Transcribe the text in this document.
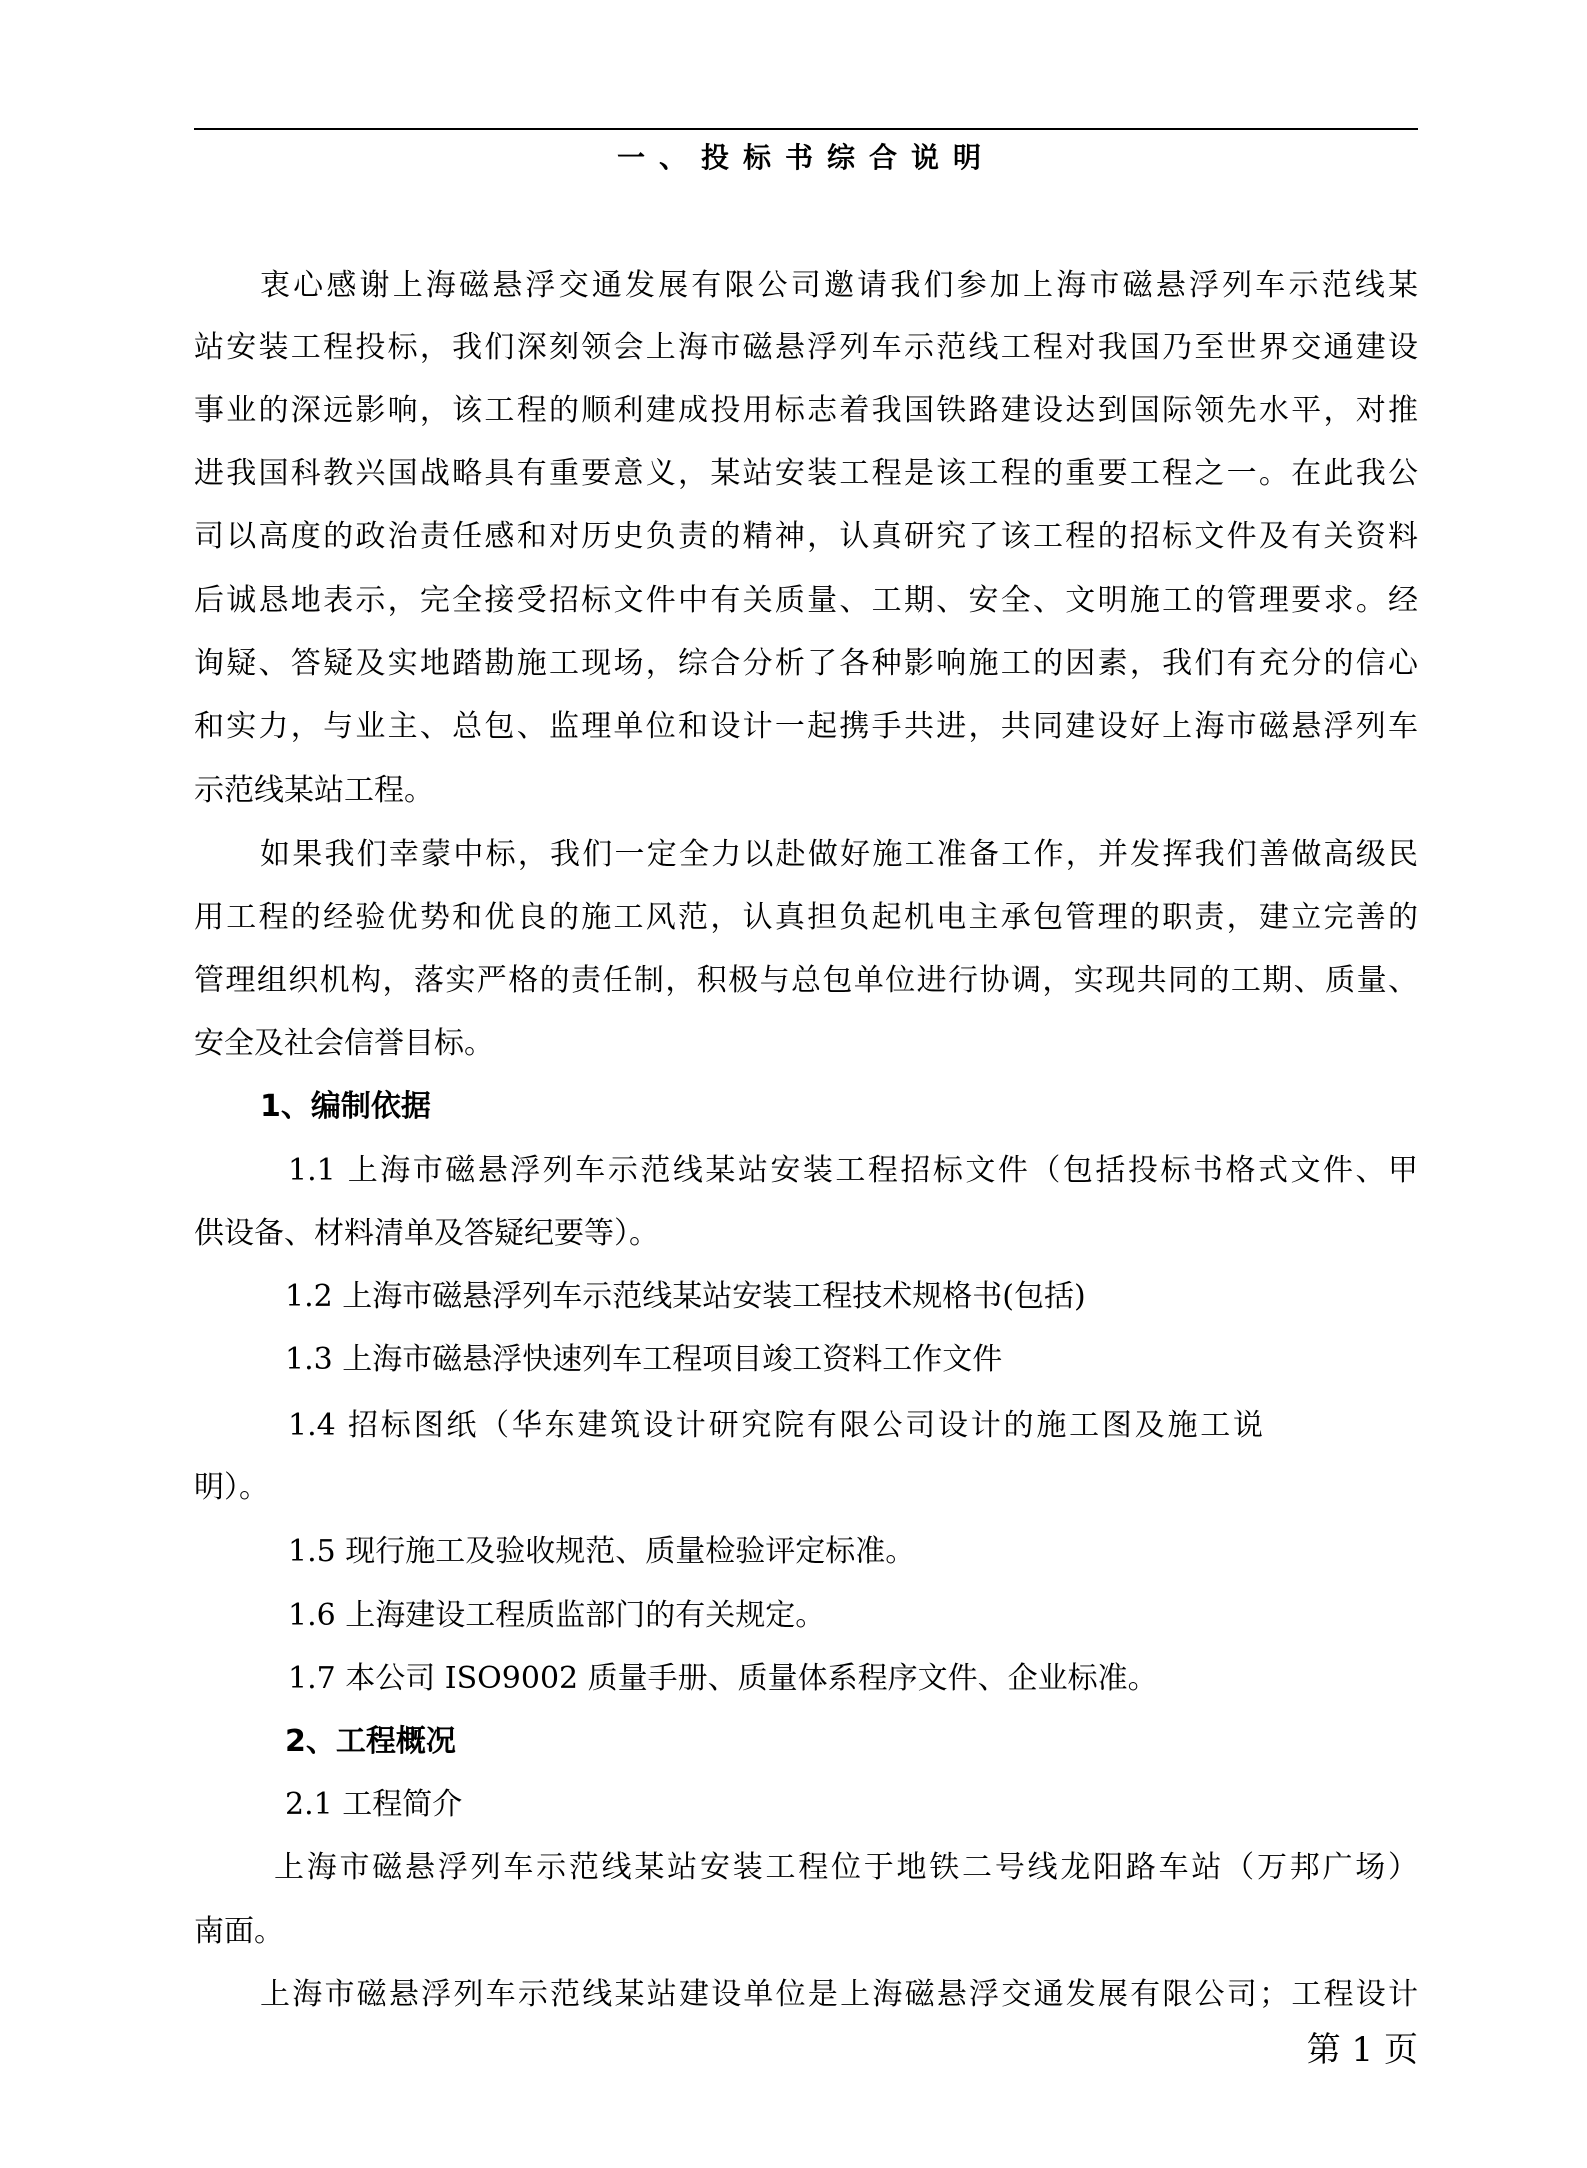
一、投标书综合说明
衷心感谢上海磁悬浮交通发展有限公司邀请我们参加上海市磁悬浮列车示范线某
站安装工程投标，我们深刻领会上海市磁悬浮列车示范线工程对我国乃至世界交通建设
事业的深远影响，该工程的顺利建成投用标志着我国铁路建设达到国际领先水平，对推
进我国科教兴国战略具有重要意义，某站安装工程是该工程的重要工程之一。在此我公
司以高度的政治责任感和对历史负责的精神，认真研究了该工程的招标文件及有关资料
后诚恳地表示，完全接受招标文件中有关质量、工期、安全、文明施工的管理要求。经
询疑、答疑及实地踏勘施工现场，综合分析了各种影响施工的因素，我们有充分的信心
和实力，与业主、总包、监理单位和设计一起携手共进，共同建设好上海市磁悬浮列车
示范线某站工程。
如果我们幸蒙中标，我们一定全力以赴做好施工准备工作，并发挥我们善做高级民
用工程的经验优势和优良的施工风范，认真担负起机电主承包管理的职责，建立完善的
管理组织机构，落实严格的责任制，积极与总包单位进行协调，实现共同的工期、质量、
安全及社会信誉目标。
1、编制依据
1.1 上海市磁悬浮列车示范线某站安装工程招标文件（包括投标书格式文件、甲
供设备、材料清单及答疑纪要等）。
1.2 上海市磁悬浮列车示范线某站安装工程技术规格书(包括)
1.3 上海市磁悬浮快速列车工程项目竣工资料工作文件
1.4 招标图纸（华东建筑设计研究院有限公司设计的施工图及施工说
明）。
1.5 现行施工及验收规范、质量检验评定标准。
1.6 上海建设工程质监部门的有关规定。
1.7 本公司 ISO9002 质量手册、质量体系程序文件、企业标准。
2、工程概况
2.1 工程简介
上海市磁悬浮列车示范线某站安装工程位于地铁二号线龙阳路车站（万邦广场）
南面。
上海市磁悬浮列车示范线某站建设单位是上海磁悬浮交通发展有限公司；工程设计
第 1 页
